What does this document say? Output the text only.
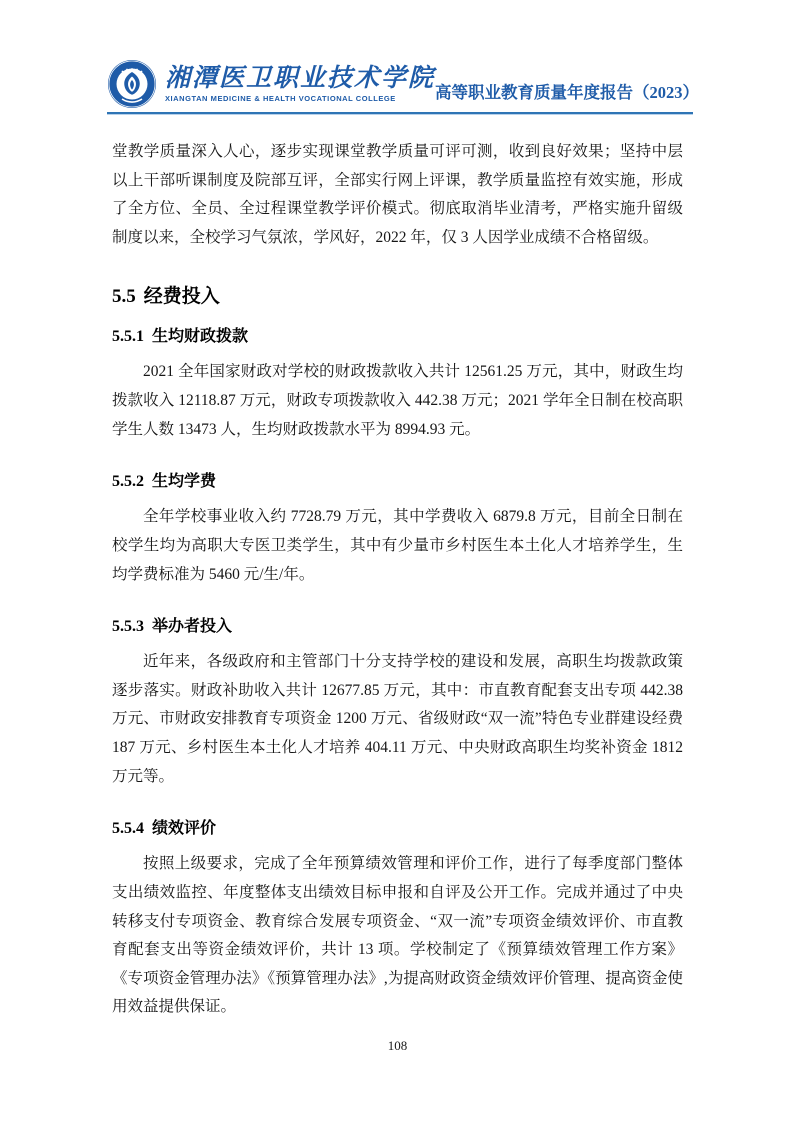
湘潭医卫职业技术学院
XIANGTAN MEDICINE & HEALTH VOCATIONAL COLLEGE	高等职业教育质量年度报告（2023）

堂教学质量深入人心，逐步实现课堂教学质量可评可测，收到良好效果；坚持中层以上干部听课制度及院部互评，全部实行网上评课，教学质量监控有效实施，形成了全方位、全员、全过程课堂教学评价模式。彻底取消毕业清考，严格实施升留级制度以来，全校学习气氛浓，学风好，2022 年，仅 3 人因学业成绩不合格留级。

5.5 经费投入
5.5.1 生均财政拨款

2021 全年国家财政对学校的财政拨款收入共计 12561.25 万元，其中，财政生均拨款收入 12118.87 万元，财政专项拨款收入 442.38 万元；2021 学年全日制在校高职学生人数 13473 人，生均财政拨款水平为 8994.93 元。

5.5.2 生均学费

全年学校事业收入约 7728.79 万元，其中学费收入 6879.8 万元，目前全日制在校学生均为高职大专医卫类学生，其中有少量市乡村医生本土化人才培养学生，生均学费标准为 5460 元/生/年。

5.5.3 举办者投入

近年来，各级政府和主管部门十分支持学校的建设和发展，高职生均拨款政策逐步落实。财政补助收入共计 12677.85 万元，其中：市直教育配套支出专项 442.38 万元、市财政安排教育专项资金 1200 万元、省级财政“双一流”特色专业群建设经费 187 万元、乡村医生本土化人才培养 404.11 万元、中央财政高职生均奖补资金 1812 万元等。

5.5.4 绩效评价

按照上级要求，完成了全年预算绩效管理和评价工作，进行了每季度部门整体支出绩效监控、年度整体支出绩效目标申报和自评及公开工作。完成并通过了中央转移支付专项资金、教育综合发展专项资金、“双一流”专项资金绩效评价、市直教育配套支出等资金绩效评价，共计 13 项。学校制定了《预算绩效管理工作方案》《专项资金管理办法》《预算管理办法》,为提高财政资金绩效评价管理、提高资金使用效益提供保证。

108
